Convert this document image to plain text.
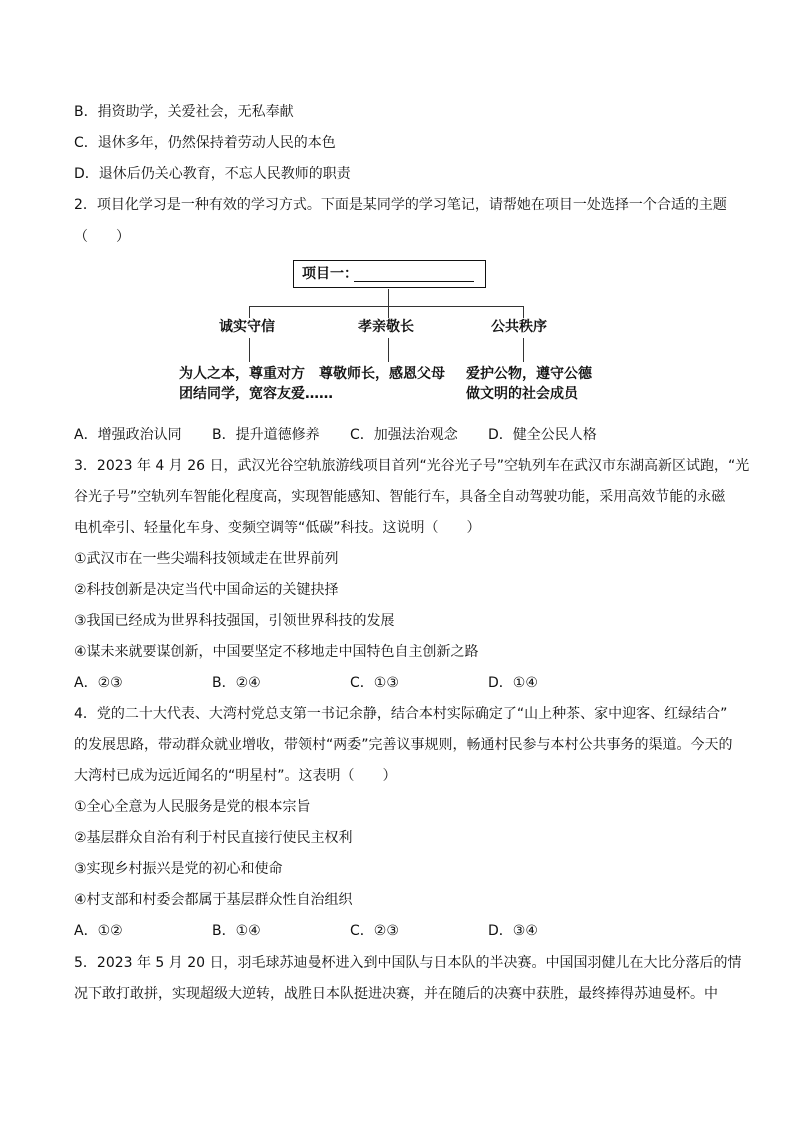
B．捐资助学，关爱社会，无私奉献
C．退休多年，仍然保持着劳动人民的本色
D．退休后仍关心教育，不忘人民教师的职责
2．项目化学习是一种有效的学习方式。下面是某同学的学习笔记，请帮她在项目一处选择一个合适的主题
（　　）
项目一：
诚实守信	孝亲敬长	公共秩序
为人之本，尊重对方 尊敬师长，感恩父母 爱护公物，遵守公德
团结同学，宽容友爱……	做文明的社会成员
A．增强政治认同 B．提升道德修养 C．加强法治观念 D．健全公民人格
3．2023 年 4 月 26 日，武汉光谷空轨旅游线项目首列“光谷光子号”空轨列车在武汉市东湖高新区试跑，“光
谷光子号”空轨列车智能化程度高，实现智能感知、智能行车，具备全自动驾驶功能，采用高效节能的永磁
电机牵引、轻量化车身、变频空调等“低碳”科技。这说明（　　）
①武汉市在一些尖端科技领域走在世界前列
②科技创新是决定当代中国命运的关键抉择
③我国已经成为世界科技强国，引领世界科技的发展
④谋未来就要谋创新，中国要坚定不移地走中国特色自主创新之路
A．②③	B．②④	C．①③	D．①④
4．党的二十大代表、大湾村党总支第一书记余静，结合本村实际确定了“山上种茶、家中迎客、红绿结合”
的发展思路，带动群众就业增收，带领村“两委”完善议事规则，畅通村民参与本村公共事务的渠道。今天的
大湾村已成为远近闻名的“明星村”。这表明（　　）
①全心全意为人民服务是党的根本宗旨
②基层群众自治有利于村民直接行使民主权利
③实现乡村振兴是党的初心和使命
④村支部和村委会都属于基层群众性自治组织
A．①②	B．①④	C．②③	D．③④
5．2023 年 5 月 20 日，羽毛球苏迪曼杯进入到中国队与日本队的半决赛。中国国羽健儿在大比分落后的情
况下敢打敢拼，实现超级大逆转，战胜日本队挺进决赛，并在随后的决赛中获胜，最终捧得苏迪曼杯。中
